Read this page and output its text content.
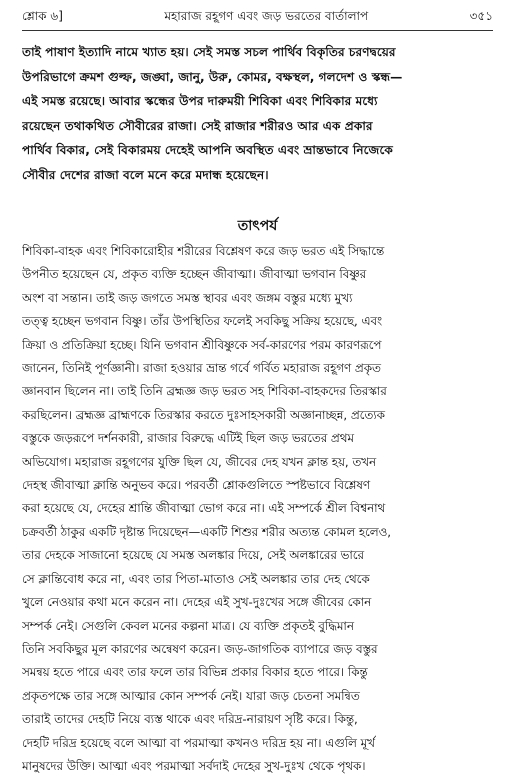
শ্লোক ৬]	মহারাজ রহূগণ এবং জড় ভরতের বার্তালাপ	৩৫১
তাই পাষাণ ইত্যাদি নামে খ্যাত হয়। সেই সমস্ত সচল পার্থিব বিকৃতির চরণদ্বয়ের
উপরিভাগে ক্রমশ গুল্ফ, জঙ্ঘা, জানু, উরু, কোমর, বক্ষস্থল, গলদেশ ও স্কন্ধ—
এই সমস্ত রয়েছে। আবার স্কন্ধের উপর দারুময়ী শিবিকা এবং শিবিকার মধ্যে
রয়েছেন তথাকথিত সৌবীরের রাজা। সেই রাজার শরীরও আর এক প্রকার
পার্থিব বিকার, সেই বিকারময় দেহেই আপনি অবস্থিত এবং ভ্রান্তভাবে নিজেকে
সৌবীর দেশের রাজা বলে মনে করে মদান্ধ হয়েছেন।
তাৎপর্য
শিবিকা-বাহক এবং শিবিকারোহীর শরীরের বিশ্লেষণ করে জড় ভরত এই সিদ্ধান্তে
উপনীত হয়েছেন যে, প্রকৃত ব্যক্তি হচ্ছেন জীবাত্মা। জীবাত্মা ভগবান বিষ্ণুর
অংশ বা সন্তান। তাই জড় জগতে সমস্ত স্থাবর এবং জঙ্গম বস্তুর মধ্যে মুখ্য
তত্ত্ব হচ্ছেন ভগবান বিষ্ণু। তাঁর উপস্থিতির ফলেই সবকিছু সক্রিয় হয়েছে, এবং
ক্রিয়া ও প্রতিক্রিয়া হচ্ছে। যিনি ভগবান শ্রীবিষ্ণুকে সর্ব-কারণের পরম কারণরূপে
জানেন, তিনিই পূর্ণজ্ঞানী। রাজা হওয়ার ভ্রান্ত গর্বে গর্বিত মহারাজ রহূগণ প্রকৃত
জ্ঞানবান ছিলেন না। তাই তিনি ব্রহ্মজ্ঞ জড় ভরত সহ শিবিকা-বাহকদের তিরস্কার
করছিলেন। ব্রহ্মজ্ঞ ব্রাহ্মণকে তিরস্কার করতে দুঃসাহসকারী অজ্ঞানাচ্ছন্ন, প্রত্যেক
বস্তুকে জড়রূপে দর্শনকারী, রাজার বিরুদ্ধে এটিই ছিল জড় ভরতের প্রথম
অভিযোগ। মহারাজ রহূগণের যুক্তি ছিল যে, জীবের দেহ যখন ক্লান্ত হয়, তখন
দেহস্থ জীবাত্মা ক্লান্তি অনুভব করে। পরবর্তী শ্লোকগুলিতে স্পষ্টভাবে বিশ্লেষণ
করা হয়েছে যে, দেহের শ্রান্তি জীবাত্মা ভোগ করে না। এই সম্পর্কে শ্রীল বিশ্বনাথ
চক্রবর্তী ঠাকুর একটি দৃষ্টান্ত দিয়েছেন—একটি শিশুর শরীর অত্যন্ত কোমল হলেও,
তার দেহকে সাজানো হয়েছে যে সমস্ত অলঙ্কার দিয়ে, সেই অলঙ্কারের ভারে
সে ক্লান্তিবোধ করে না, এবং তার পিতা-মাতাও সেই অলঙ্কার তার দেহ থেকে
খুলে নেওয়ার কথা মনে করেন না। দেহের এই সুখ-দুঃখের সঙ্গে জীবের কোন
সম্পর্ক নেই। সেগুলি কেবল মনের কল্পনা মাত্র। যে ব্যক্তি প্রকৃতই বুদ্ধিমান
তিনি সবকিছুর মূল কারণের অন্বেষণ করেন। জড়-জাগতিক ব্যাপারে জড় বস্তুর
সমন্বয় হতে পারে এবং তার ফলে তার বিভিন্ন প্রকার বিকার হতে পারে। কিন্তু
প্রকৃতপক্ষে তার সঙ্গে আত্মার কোন সম্পর্ক নেই। যারা জড় চেতনা সমন্বিত
তারাই তাদের দেহটি নিয়ে ব্যস্ত থাকে এবং দরিদ্র-নারায়ণ সৃষ্টি করে। কিন্তু,
দেহটি দরিদ্র হয়েছে বলে আত্মা বা পরমাত্মা কখনও দরিদ্র হয় না। এগুলি মূর্খ
মানুষদের উক্তি। আত্মা এবং পরমাত্মা সর্বদাই দেহের সুখ-দুঃখ থেকে পৃথক।
